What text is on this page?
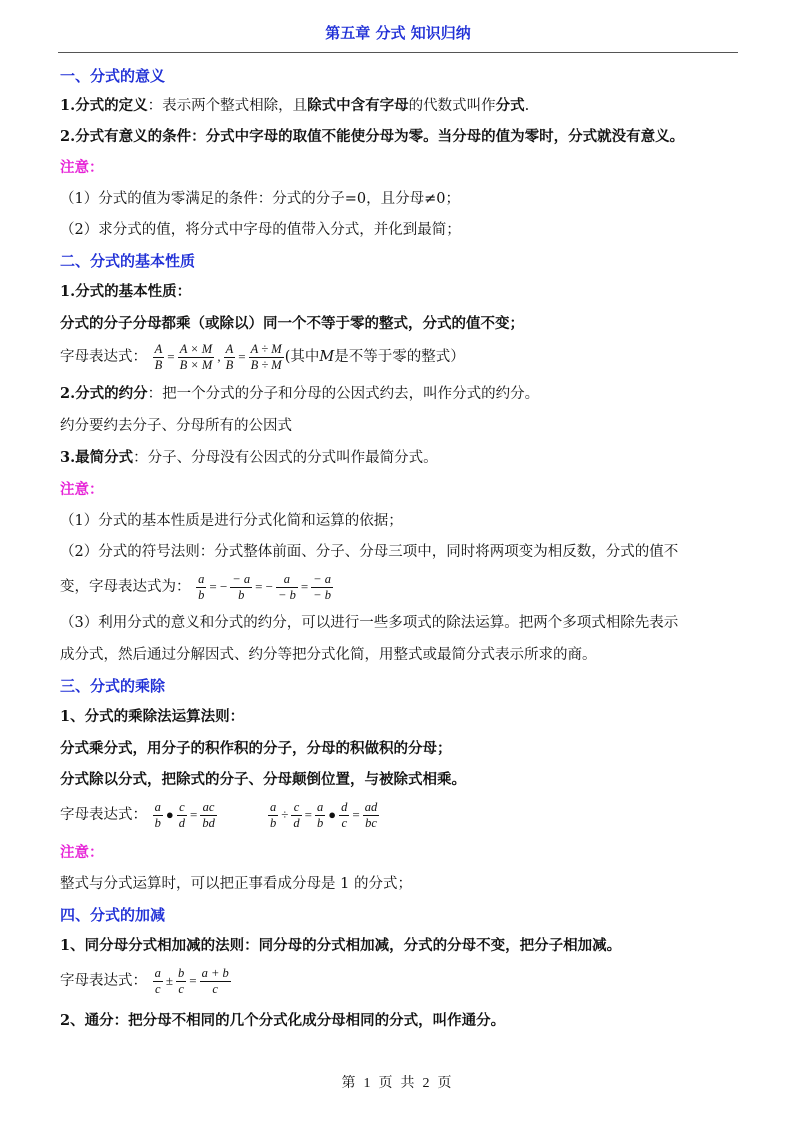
第五章 分式 知识归纳
一、分式的意义
1.分式的定义：表示两个整式相除，且除式中含有字母的代数式叫作分式.
2.分式有意义的条件：分式中字母的取值不能使分母为零。当分母的值为零时，分式就没有意义。
注意：
（1）分式的值为零满足的条件：分式的分子=0，且分母≠0；
（2）求分式的值，将分式中字母的值带入分式，并化到最简；
二、分式的基本性质
1.分式的基本性质：
分式的分子分母都乘（或除以）同一个不等于零的整式，分式的值不变；
字母表达式： $\frac{A}{B} = \frac{A \times M}{B \times M}$ , $\frac{A}{B} = \frac{A \div M}{B \div M}$ (其中M是不等于零的整式）
2.分式的约分：把一个分式的分子和分母的公因式约去，叫作分式的约分。
约分要约去分子、分母所有的公因式
3.最简分式：分子、分母没有公因式的分式叫作最简分式。
注意：
（1）分式的基本性质是进行分式化简和运算的依据；
（2）分式的符号法则：分式整体前面、分子、分母三项中，同时将两项变为相反数，分式的值不
变，字母表达式为： $\frac{a}{b}$ = − $\frac{- a}{b}$ = − $\frac{a}{- b} = \frac{- a}{- b}$
（3）利用分式的意义和分式的约分，可以进行一些多项式的除法运算。把两个多项式相除先表示
成分式，然后通过分解因式、约分等把分式化简，用整式或最简分式表示所求的商。
三、分式的乘除
1、分式的乘除法运算法则：
分式乘分式，用分子的积作积的分子，分母的积做积的分母；
分式除以分式，把除式的分子、分母颠倒位置，与被除式相乘。
字母表达式： $\frac{a}{b}$ ● $\frac{c}{d} = \frac{ac}{bd}$
	$\frac{a}{b} \div \frac{c}{d} = \frac{a}{b}$ ● $\frac{d}{c} = \frac{ad}{bc}$
注意：
整式与分式运算时，可以把正事看成分母是 1 的分式；
四、分式的加减
1、同分母分式相加减的法则：同分母的分式相加减，分式的分母不变，把分子相加减。
字母表达式： $\frac{a}{c} \pm \frac{b}{c} = \frac{a + b}{c}$
2、通分：把分母不相同的几个分式化成分母相同的分式，叫作通分。
第 1 页 共 2 页
